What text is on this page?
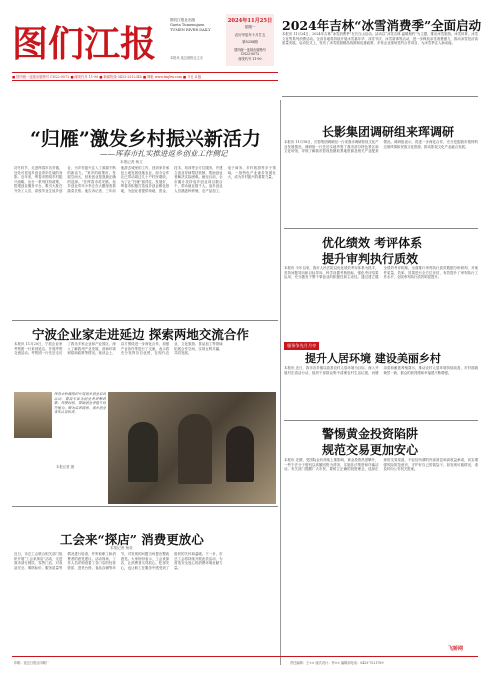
图们江报
图们江报社出版
Gaeta Tumenujaen
TUMEN RIVER DAILY
2024年11月25日
星期一
农历甲辰年十月廿五
第5258期
国内统一连续出版物号
CN22-0072
邮发代号 11-90
本报讯 延边晨报社主办
2024年吉林“冰雪消费季”全面启动
本报讯 11月24日，2024年吉林“冰雪消费季”在长白山启动。活动以“冰雪吉林 温暖相约”为主题，推出冰雪旅游、冰雪体育、冰雪文化等系列消费活动。全省各地将持续开展冰雪嘉年华、冰雪节庆、冰雪赛事等活动，进一步释放冰雪消费潜力，推动冰雪经济高质量发展。启动仪式上，发布了冰雪旅游精品线路和优惠政策，多家企业现场签约合作项目，为冰雪季注入新动能。
■ 国内统一连续出版物号 CN22-0072 ■ 邮发代号 11-90 ■ 新闻热线 0433-2512345 ■ 网址 www.tmjbw.com ■ 今日 4 版
“归雁”激发乡村振兴新活力
——珲春市扎实推进返乡创业工作侧记
本报记者 杨文
初冬时节，走进珲春市各乡镇，处处可见返乡创业青年忙碌的身影。近年来，珲春市围绕乡村振兴战略，出台一系列扶持政策，搭建创业服务平台，吸引大批在外务工人员、高校毕业生返乡创业，为乡村振兴注入了源源不断的新活力。“家乡的政策好，发展空间大，回来创业是我最正确的选择。”在珲春市英安镇，返乡创业青年小李正在大棚里查看蔬菜长势。他告诉记者，三年前他辞去城里的工作，回到家乡承包土地发展设施农业，如今合作社已带动周边几十户村民增收。为了让“归雁”留得住、发展好，珲春市积极打造返乡创业孵化基地，为创业者提供场地、资金、技术、培训等全方位服务，并建立创业导师帮扶机制，帮助创业者解决实际困难。截至目前，全市累计扶持返乡创业项目数百个，带动就业数千人。返乡创业人员涵盖种养殖、农产品加工、电子商务、乡村旅游等多个领域，一批特色产业逐步发展壮大，成为乡村振兴的重要力量。
长影集团调研组来珲调研
本报讯 11月18日，长影集团调研组一行来我市调研影视文化产业发展情况。调研组一行先后实地考察了我市部分特色景区和文化场馆，详细了解我市影视拍摄取景地资源及相关产业配套情况。调研组表示，将进一步深化合作，充分挖掘我市独特的边境风情和民族文化资源，推动影视文化产业融合发展。
优化绩效 考评体系
提升审判执行质效
本报讯 今年以来，我市人民法院以优化绩效考评体系为抓手，坚持问题导向和目标导向，科学设置考核指标，强化考评结果运用，充分激发干警干事创业的积极性和主动性。通过建立健全绩效考评机制，全面推行审判执行质效数据分析研判，对案件质量、效率、效果进行全方位评估，有效提升了审判执行工作水平，全院审判执行质效明显提升。
服务争先月月亭
提升人居环境 建设美丽乡村
本报讯 近日，我市各乡镇以改善农村人居环境为目标，深入开展村庄清洁行动，组织干部群众集中清理农村生活垃圾、河塘沟渠和畜禽养殖粪污，推动农村人居环境持续改善，乡村面貌焕然一新，群众的获得感和幸福感不断增强。
警惕黄金投资陷阱
规范交易更加安心
本报讯 近期，受国际金价持续上涨影响，黄金投资热度攀升，一些不法分子借机以高额回报为诱饵，实施非法集资和诈骗活动。有关部门提醒广大市民，要树立正确的投资理念，选择正规的交易渠道，不轻信所谓的内部消息和高收益承诺，切实增强风险防范意识，守护好自己的钱袋子。如发现可疑情况，请及时向公安机关报案。
宁波企业家走进延边 探索两地交流合作
本报讯 11月20日，宁波企业家考察团一行来到延边，开展考察交流活动。考察团一行先后走访了我市多家企业和产业园区，深入了解我州产业发展、营商环境和招商政策等情况。座谈会上，双方围绕进一步深化合作、加强产业协作等进行了交流，表示将充分发挥各自优势，在现代农业、文化旅游、食品加工等领域拓展合作空间，实现互利共赢、共同发展。
珲春市积极组织开展返乡创业培训活动，邀请专家为创业者讲解政策、传授经验，帮助创业者提升经营能力。图为培训现场，返乡创业青年认真听讲。
本报记者 摄
工会来“探店” 消费更放心
本报记者 杨奇
近日，市总工会联合相关部门组织开展“工会来探店”活动，走进我市部分餐饮、零售门店，对食品安全、明码标价、服务质量等情况进行检查，并听取职工和消费者的意见建议。活动现场，工作人员详细查看了各门店的经营资质、进货台账、食品存储等环节，对发现的问题当场提出整改意见。大家纷纷表示，工会来探店，让消费者买得放心、吃得安心，也让职工在服务中感受到了组织的关怀和温暖。下一步，市总工会将持续开展此类活动，为营造安全放心的消费环境贡献力量。
责任编辑：王×× 版式设计：李×× 编辑部电话：0433-7521789
印刷：延边日报社印刷厂
飞娇网
